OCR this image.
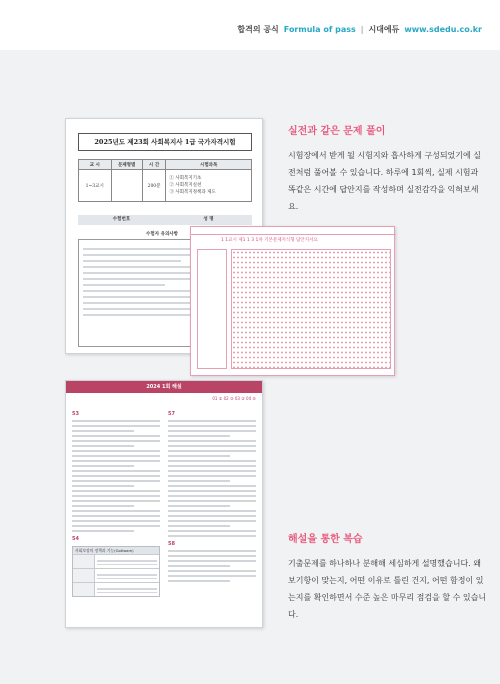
합격의 공식 Formula of pass | 시대에듀 www.sdedu.co.kr
2025년도 제23회 사회복지사 1급 국가자격시험
교 시	문제형별	시 간	시험과목
1~3교시		200분	① 사회복지기초
② 사회복지실천
③ 사회복지정책과 제도
수험번호	성 명
수험자 유의사항
1 1교시 제1 1 3 1차 기본문제지식형 답안지서요
실전과 같은 문제 풀이
시험장에서 받게 될 시험지와 흡사하게 구성되었기에 실전처럼 풀어볼 수 있습니다. 하루에 1회씩, 실제 시험과 똑같은 시간에 답안지를 작성하며 실전감각을 익혀보세요.
2024 1회 해설
01 ① 02 ③ 03 ② 04 ⑤
53
54
사회보장의 정책과 기능(Gottaam)
57
58	해설을 통한 복습
기출문제를 하나하나 분해해 세심하게 설명했습니다. 왜 보기항이 맞는지, 어떤 이유로 틀린 건지, 어떤 함정이 있는지를 확인하면서 수준 높은 마무리 점검을 할 수 있습니다.
